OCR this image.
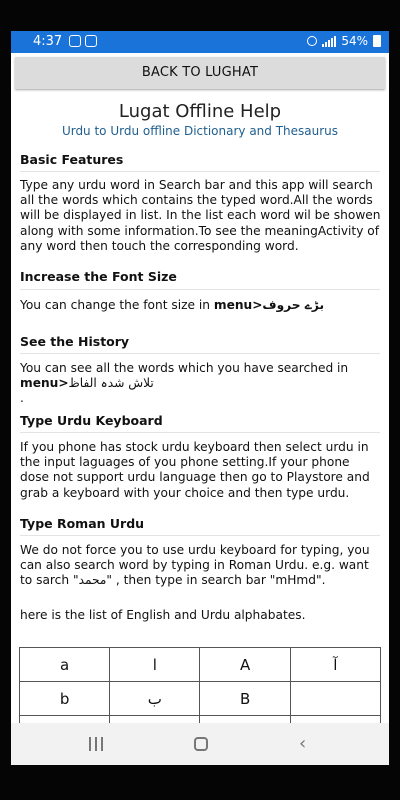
4:37	54%
BACK TO LUGHAT
Lugat Offline Help
Urdu to Urdu offline Dictionary and Thesaurus
Basic Features
Type any urdu word in Search bar and this app will search all the words which contains the typed word.All the words will be displayed in list. In the list each word wil be showen along with some information.To see the meaningActivity of any word then touch the corresponding word.
Increase the Font Size
You can change the font size in menu>بڑے حروف
See the History
You can see all the words which you have searched in menu>تلاش شدہ الفاظ
.
Type Urdu Keyboard
If you phone has stock urdu keyboard then select urdu in the input laguages of you phone setting.If your phone dose not support urdu language then go to Playstore and grab a keyboard with your choice and then type urdu.
Type Roman Urdu
We do not force you to use urdu keyboard for typing, you can also search word by typing in Roman Urdu. e.g. want to sarch "محمد" , then type in search bar "mHmd".
here is the list of English and Urdu alphabates.
a	ا	A	آ
b	ب	B	

‹
